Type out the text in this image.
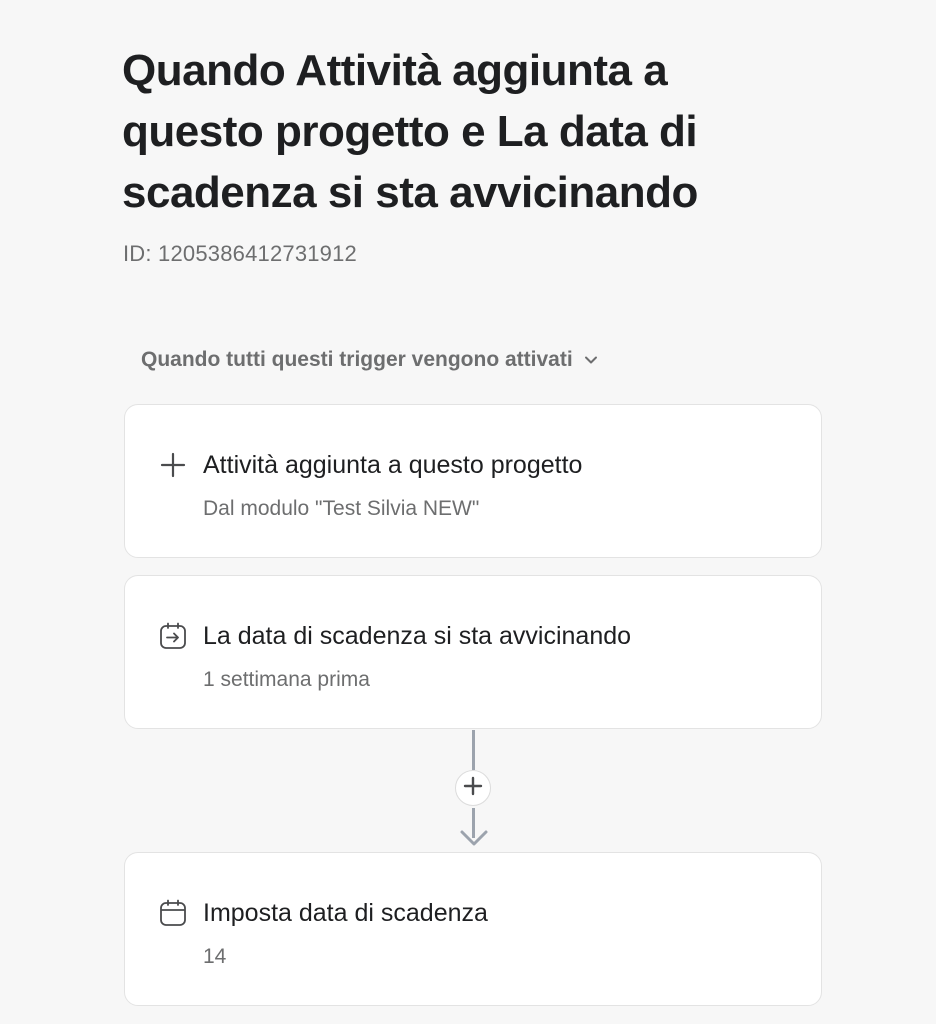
Quando Attività aggiunta a questo progetto e La data di scadenza si sta avvicinando
ID: 1205386412731912
Quando tutti questi trigger vengono attivati
Attività aggiunta a questo progetto
Dal modulo "Test Silvia NEW"
La data di scadenza si sta avvicinando
1 settimana prima
Imposta data di scadenza
14
